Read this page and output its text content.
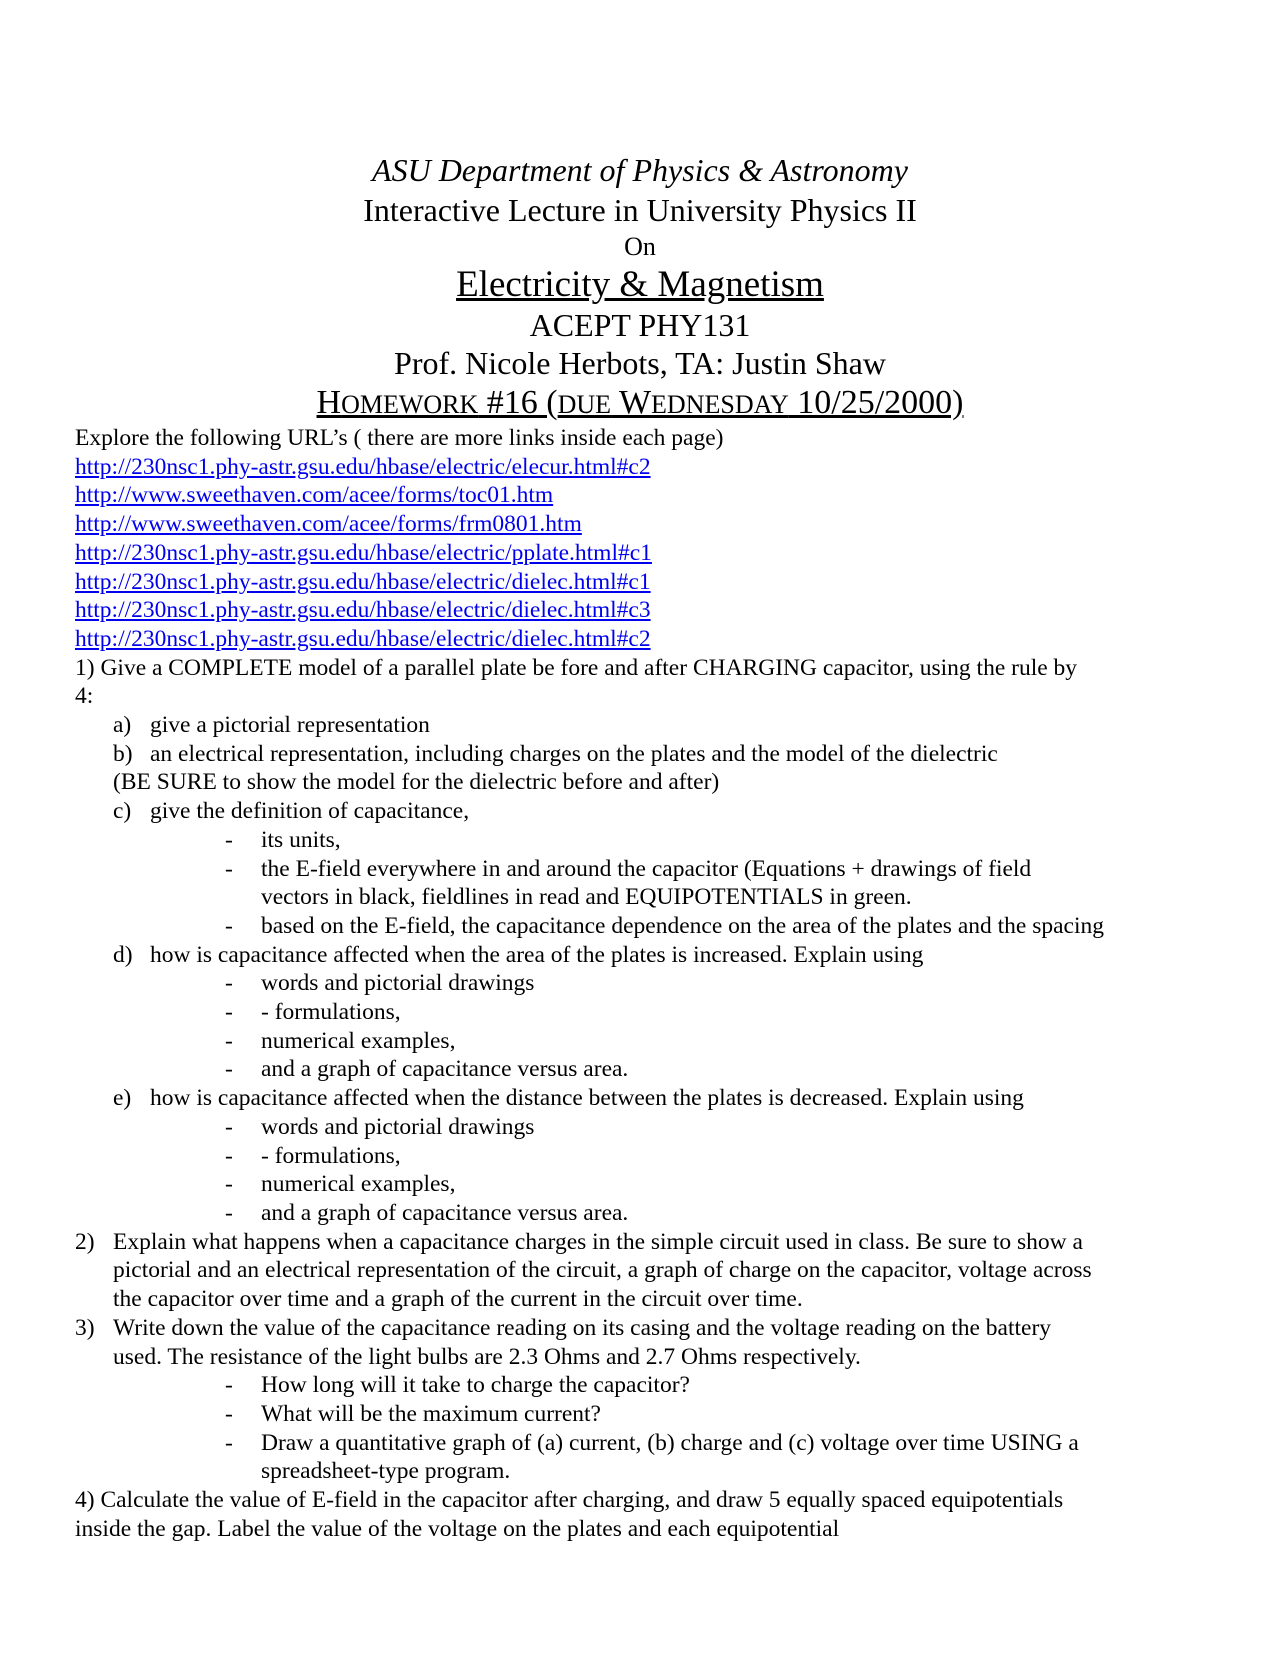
ASU Department of Physics & Astronomy

Interactive Lecture in University Physics II

On

Electricity & Magnetism

ACEPT PHY131

Prof. Nicole Herbots, TA: Justin Shaw

HOMEWORK #16 (DUE WEDNESDAY 10/25/2000)

Explore the following URL’s ( there are more links inside each page)

http://230nsc1.phy-astr.gsu.edu/hbase/electric/elecur.html#c2
http://www.sweethaven.com/acee/forms/toc01.htm
http://www.sweethaven.com/acee/forms/frm0801.htm
http://230nsc1.phy-astr.gsu.edu/hbase/electric/pplate.html#c1
http://230nsc1.phy-astr.gsu.edu/hbase/electric/dielec.html#c1
http://230nsc1.phy-astr.gsu.edu/hbase/electric/dielec.html#c3
http://230nsc1.phy-astr.gsu.edu/hbase/electric/dielec.html#c2

1) Give a COMPLETE model of a parallel plate be fore and after CHARGING capacitor, using the rule by

4:

a) give a pictorial representation

b) an electrical representation, including charges on the plates and the model of the dielectric

(BE SURE to show the model for the dielectric before and after)

c) give the definition of capacitance,

- its units,

- the E-field everywhere in and around the capacitor (Equations + drawings of field

vectors in black, fieldlines in read and EQUIPOTENTIALS in green.

- based on the E-field, the capacitance dependence on the area of the plates and the spacing

d) how is capacitance affected when the area of the plates is increased. Explain using

- words and pictorial drawings

- - formulations,

- numerical examples,

- and a graph of capacitance versus area.

e) how is capacitance affected when the distance between the plates is decreased. Explain using

- words and pictorial drawings

- - formulations,

- numerical examples,

- and a graph of capacitance versus area.

2) Explain what happens when a capacitance charges in the simple circuit used in class. Be sure to show a

pictorial and an electrical representation of the circuit, a graph of charge on the capacitor, voltage across

the capacitor over time and a graph of the current in the circuit over time.

3) Write down the value of the capacitance reading on its casing and the voltage reading on the battery

used. The resistance of the light bulbs are 2.3 Ohms and 2.7 Ohms respectively.

- How long will it take to charge the capacitor?

- What will be the maximum current?

- Draw a quantitative graph of (a) current, (b) charge and (c) voltage over time USING a

spreadsheet-type program.

4) Calculate the value of E-field in the capacitor after charging, and draw 5 equally spaced equipotentials

inside the gap. Label the value of the voltage on the plates and each equipotential
